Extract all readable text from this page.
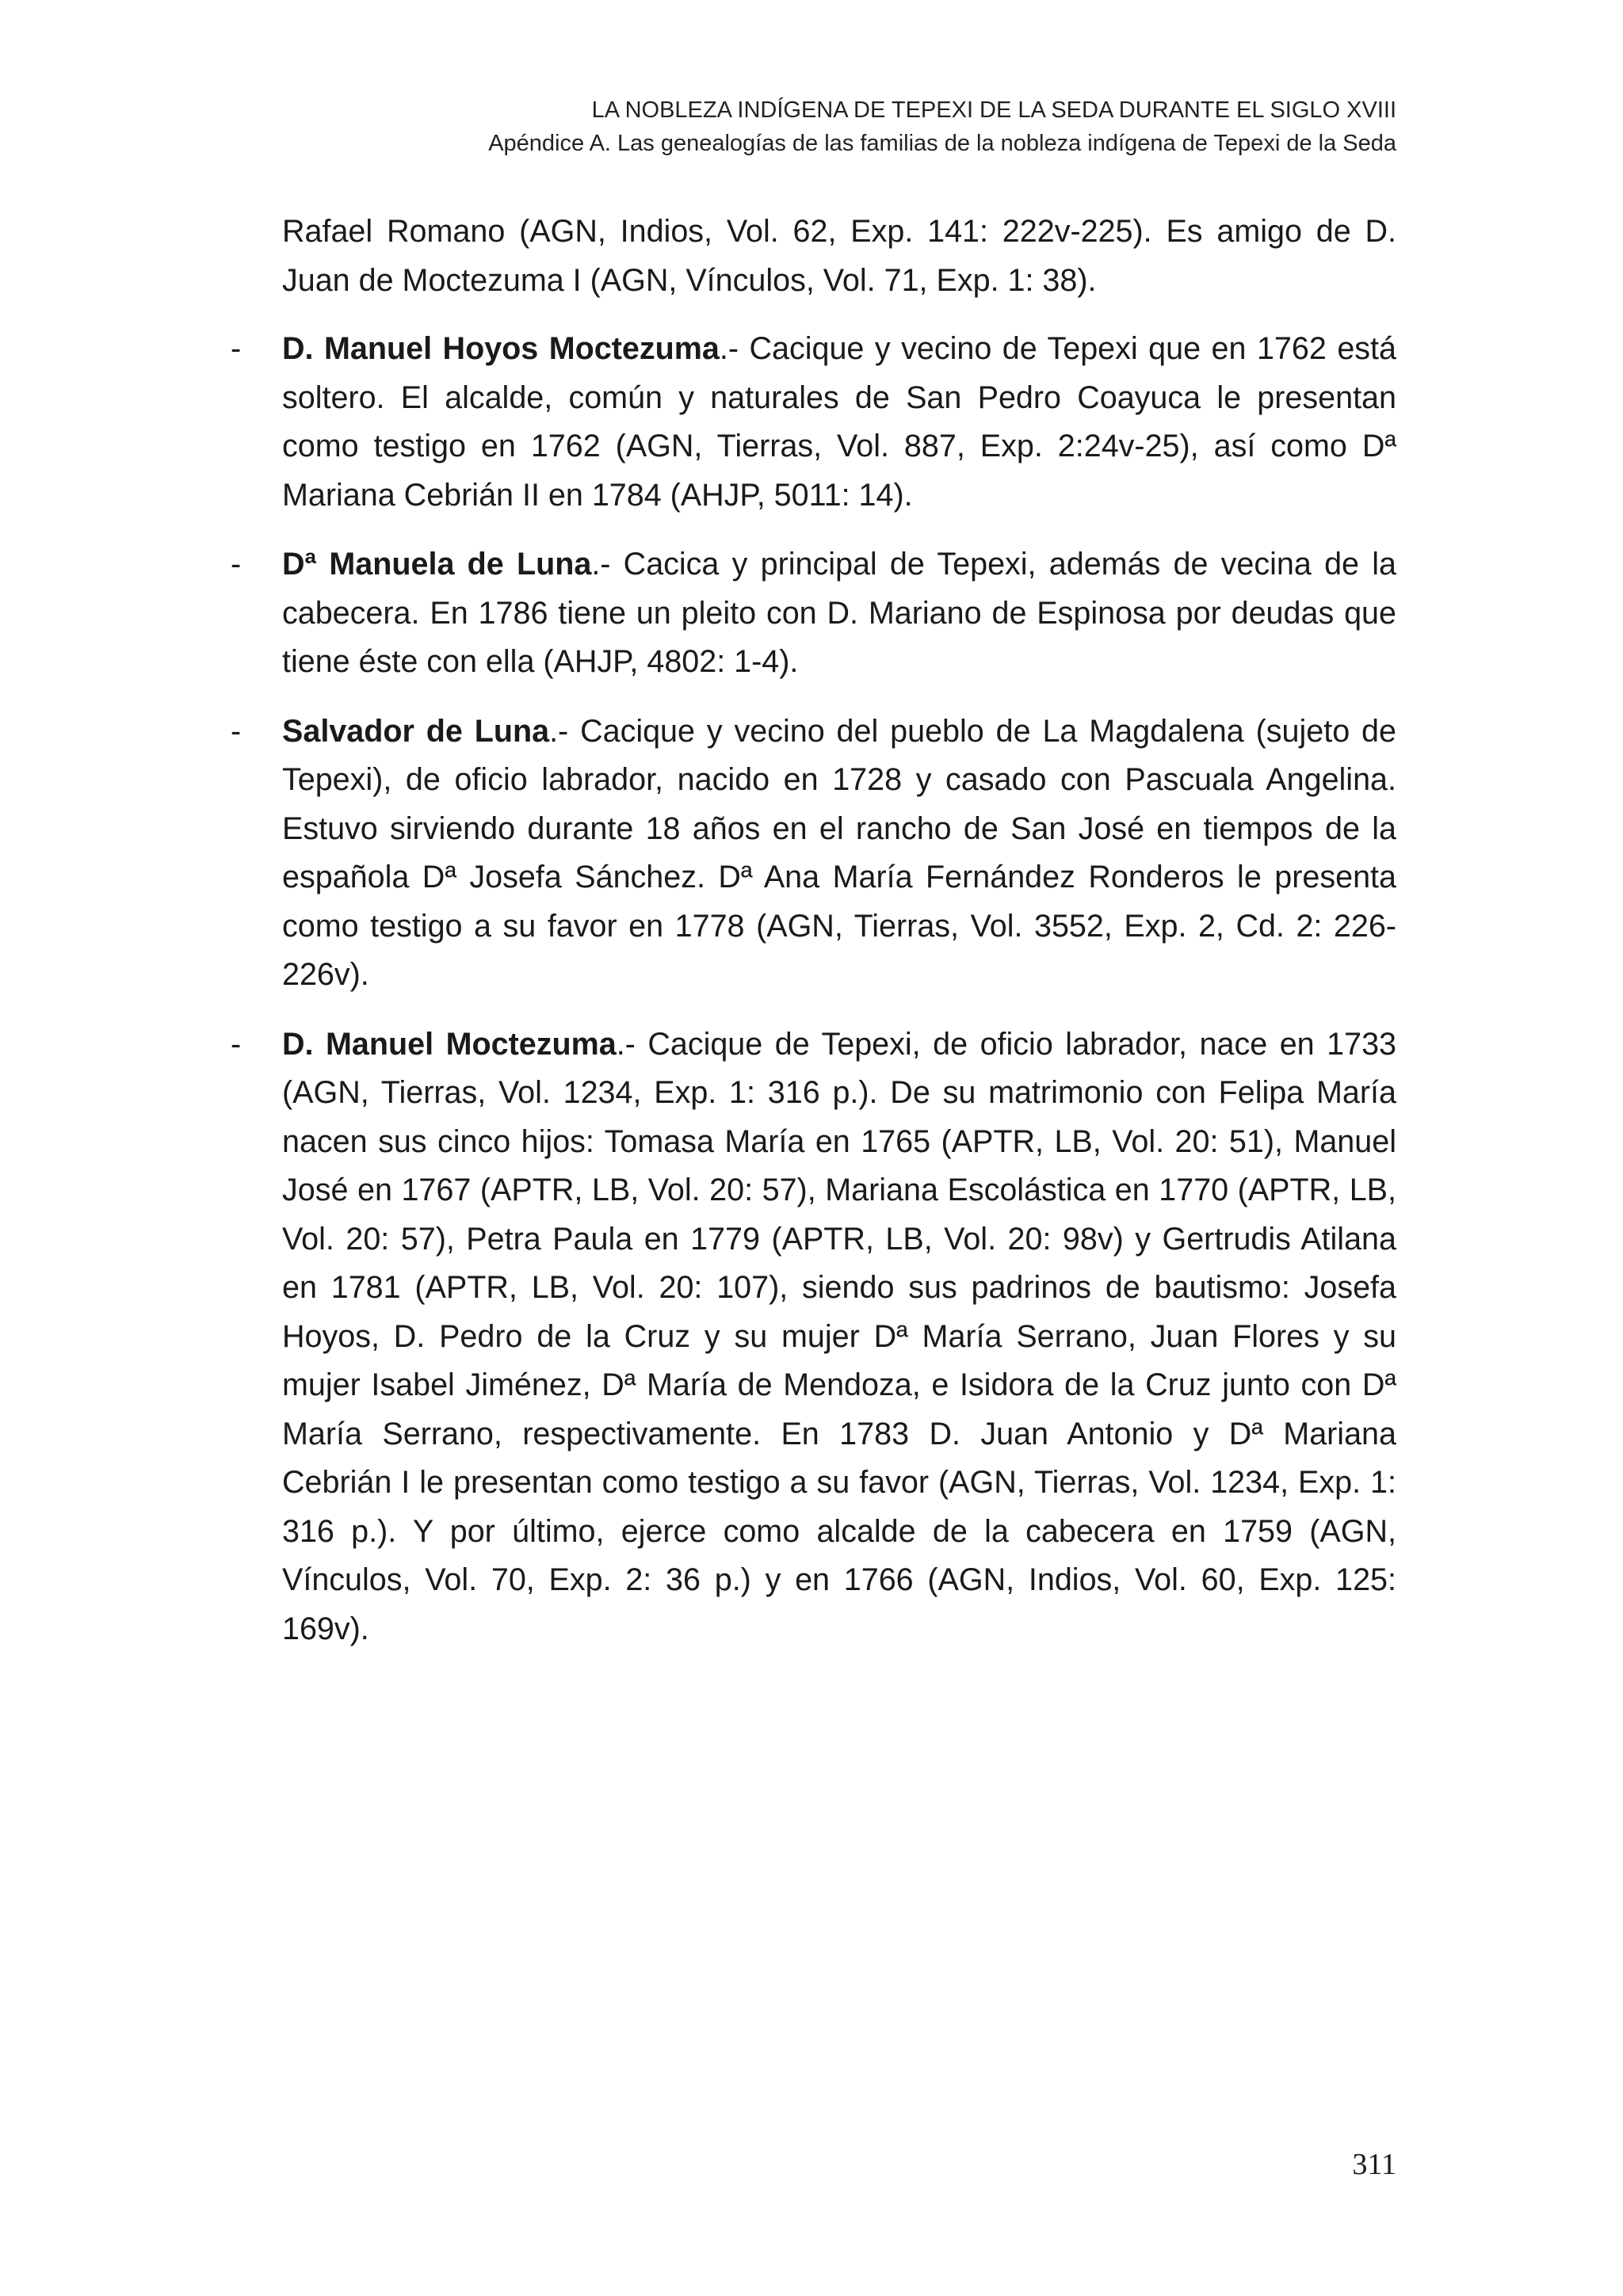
LA NOBLEZA INDÍGENA DE TEPEXI DE LA SEDA DURANTE EL SIGLO XVIII
Apéndice A. Las genealogías de las familias de la nobleza indígena de Tepexi de la Seda

Rafael Romano (AGN, Indios, Vol. 62, Exp. 141: 222v-225). Es amigo de D. Juan de Moctezuma I (AGN, Vínculos, Vol. 71, Exp. 1: 38).

- D. Manuel Hoyos Moctezuma.- Cacique y vecino de Tepexi que en 1762 está soltero. El alcalde, común y naturales de San Pedro Coayuca le presentan como testigo en 1762 (AGN, Tierras, Vol. 887, Exp. 2:24v-25), así como Dª Mariana Cebrián II en 1784 (AHJP, 5011: 14).
- Dª Manuela de Luna.- Cacica y principal de Tepexi, además de vecina de la cabecera. En 1786 tiene un pleito con D. Mariano de Espinosa por deudas que tiene éste con ella (AHJP, 4802: 1-4).
- Salvador de Luna.- Cacique y vecino del pueblo de La Magdalena (sujeto de Tepexi), de oficio labrador, nacido en 1728 y casado con Pascuala Angelina. Estuvo sirviendo durante 18 años en el rancho de San José en tiempos de la española Dª Josefa Sánchez. Dª Ana María Fernández Ronderos le presenta como testigo a su favor en 1778 (AGN, Tierras, Vol. 3552, Exp. 2, Cd. 2: 226-226v).
- D. Manuel Moctezuma.- Cacique de Tepexi, de oficio labrador, nace en 1733 (AGN, Tierras, Vol. 1234, Exp. 1: 316 p.). De su matrimonio con Felipa María nacen sus cinco hijos: Tomasa María en 1765 (APTR, LB, Vol. 20: 51), Manuel José en 1767 (APTR, LB, Vol. 20: 57), Mariana Escolástica en 1770 (APTR, LB, Vol. 20: 57), Petra Paula en 1779 (APTR, LB, Vol. 20: 98v) y Gertrudis Atilana en 1781 (APTR, LB, Vol. 20: 107), siendo sus padrinos de bautismo: Josefa Hoyos, D. Pedro de la Cruz y su mujer Dª María Serrano, Juan Flores y su mujer Isabel Jiménez, Dª María de Mendoza, e Isidora de la Cruz junto con Dª María Serrano, respectivamente. En 1783 D. Juan Antonio y Dª Mariana Cebrián I le presentan como testigo a su favor (AGN, Tierras, Vol. 1234, Exp. 1: 316 p.). Y por último, ejerce como alcalde de la cabecera en 1759 (AGN, Vínculos, Vol. 70, Exp. 2: 36 p.) y en 1766 (AGN, Indios, Vol. 60, Exp. 125: 169v).
311
